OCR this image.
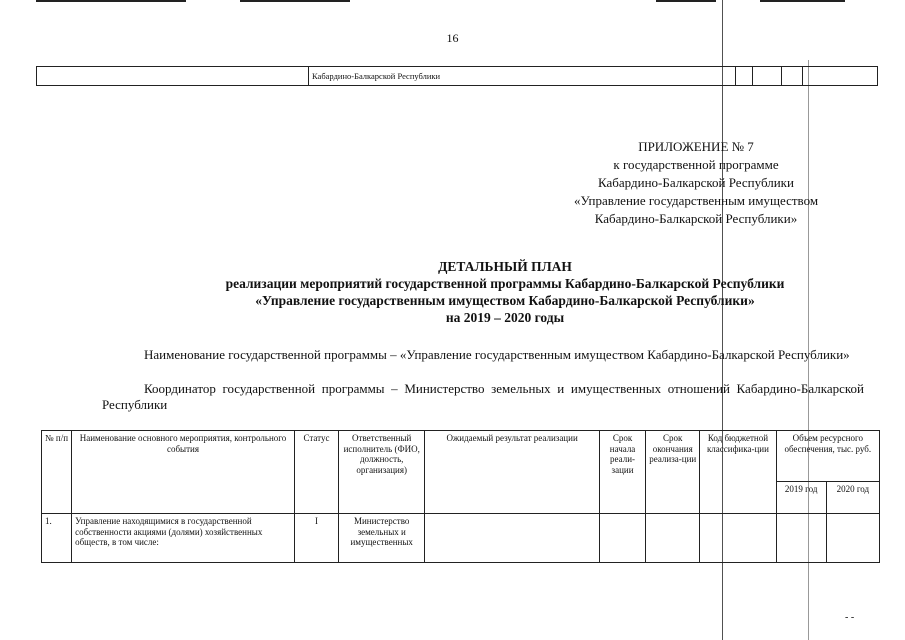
16
	Кабардино-Балкарской Республики				
ПРИЛОЖЕНИЕ № 7
к государственной программе
Кабардино-Балкарской Республики
«Управление государственным имуществом
Кабардино-Балкарской Республики»
ДЕТАЛЬНЫЙ ПЛАН
реализации мероприятий государственной программы Кабардино-Балкарской Республики
«Управление государственным имуществом Кабардино-Балкарской Республики»
на 2019 – 2020 годы
Наименование государственной программы – «Управление государственным имуществом Кабардино-Балкарской Республики»
Координатор государственной программы – Министерство земельных и имущественных отношений Кабардино-Балкарской Республики
№ п/п	Наименование основного мероприятия, контрольного события	Статус	Ответственный исполнитель (ФИО, должность, организация)	Ожидаемый результат реализации	Срок начала реали-зации	Срок окончания реализа-ции	Код бюджетной классифика-ции	Объем ресурсного обеспечения, тыс. руб.	
								2019 год	2020 год
1.	Управление находящимися в государственной собственности акциями (долями) хозяйственных обществ, в том числе:	I	Министерство земельных и имущественных						
- -
